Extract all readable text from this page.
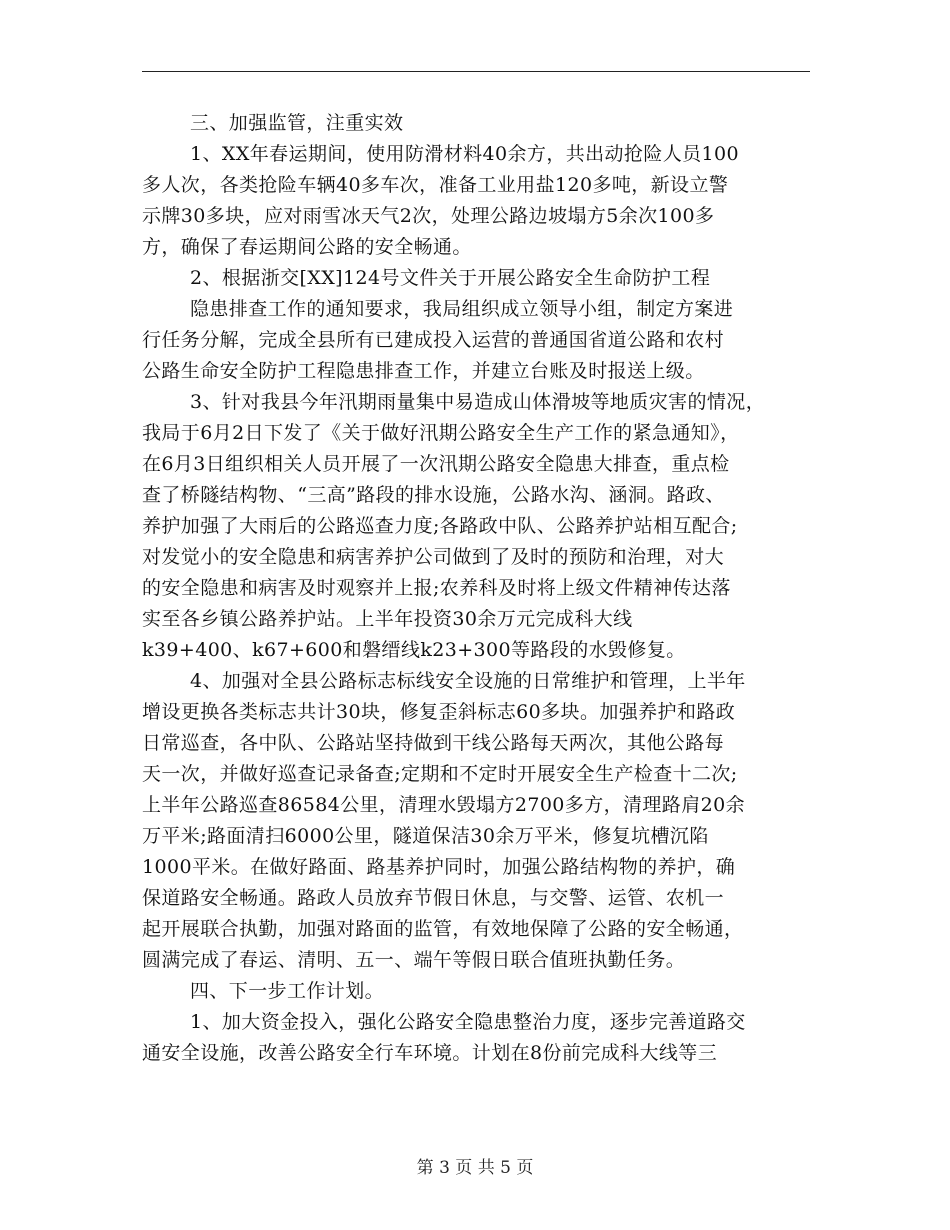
三、加强监管，注重实效
1、XX年春运期间，使用防滑材料40余方，共出动抢险人员100
多人次，各类抢险车辆40多车次，准备工业用盐120多吨，新设立警
示牌30多块，应对雨雪冰天气2次，处理公路边坡塌方5余次100多
方，确保了春运期间公路的安全畅通。
2、根据浙交[XX]124号文件关于开展公路安全生命防护工程
隐患排查工作的通知要求，我局组织成立领导小组，制定方案进
行任务分解，完成全县所有已建成投入运营的普通国省道公路和农村
公路生命安全防护工程隐患排查工作，并建立台账及时报送上级。
3、针对我县今年汛期雨量集中易造成山体滑坡等地质灾害的情况，
我局于6月2日下发了《关于做好汛期公路安全生产工作的紧急通知》，
在6月3日组织相关人员开展了一次汛期公路安全隐患大排查，重点检
查了桥隧结构物、“三高”路段的排水设施，公路水沟、涵洞。路政、
养护加强了大雨后的公路巡查力度;各路政中队、公路养护站相互配合;
对发觉小的安全隐患和病害养护公司做到了及时的预防和治理，对大
的安全隐患和病害及时观察并上报;农养科及时将上级文件精神传达落
实至各乡镇公路养护站。上半年投资30余万元完成科大线
k39+400、k67+600和磐缙线k23+300等路段的水毁修复。
4、加强对全县公路标志标线安全设施的日常维护和管理，上半年
增设更换各类标志共计30块，修复歪斜标志60多块。加强养护和路政
日常巡查，各中队、公路站坚持做到干线公路每天两次，其他公路每
天一次，并做好巡查记录备查;定期和不定时开展安全生产检查十二次;
上半年公路巡查86584公里，清理水毁塌方2700多方，清理路肩20余
万平米;路面清扫6000公里，隧道保洁30余万平米，修复坑槽沉陷
1000平米。在做好路面、路基养护同时，加强公路结构物的养护，确
保道路安全畅通。路政人员放弃节假日休息，与交警、运管、农机一
起开展联合执勤，加强对路面的监管，有效地保障了公路的安全畅通，
圆满完成了春运、清明、五一、端午等假日联合值班执勤任务。
四、下一步工作计划。
1、加大资金投入，强化公路安全隐患整治力度，逐步完善道路交
通安全设施，改善公路安全行车环境。计划在8份前完成科大线等三
第 3 页 共 5 页
